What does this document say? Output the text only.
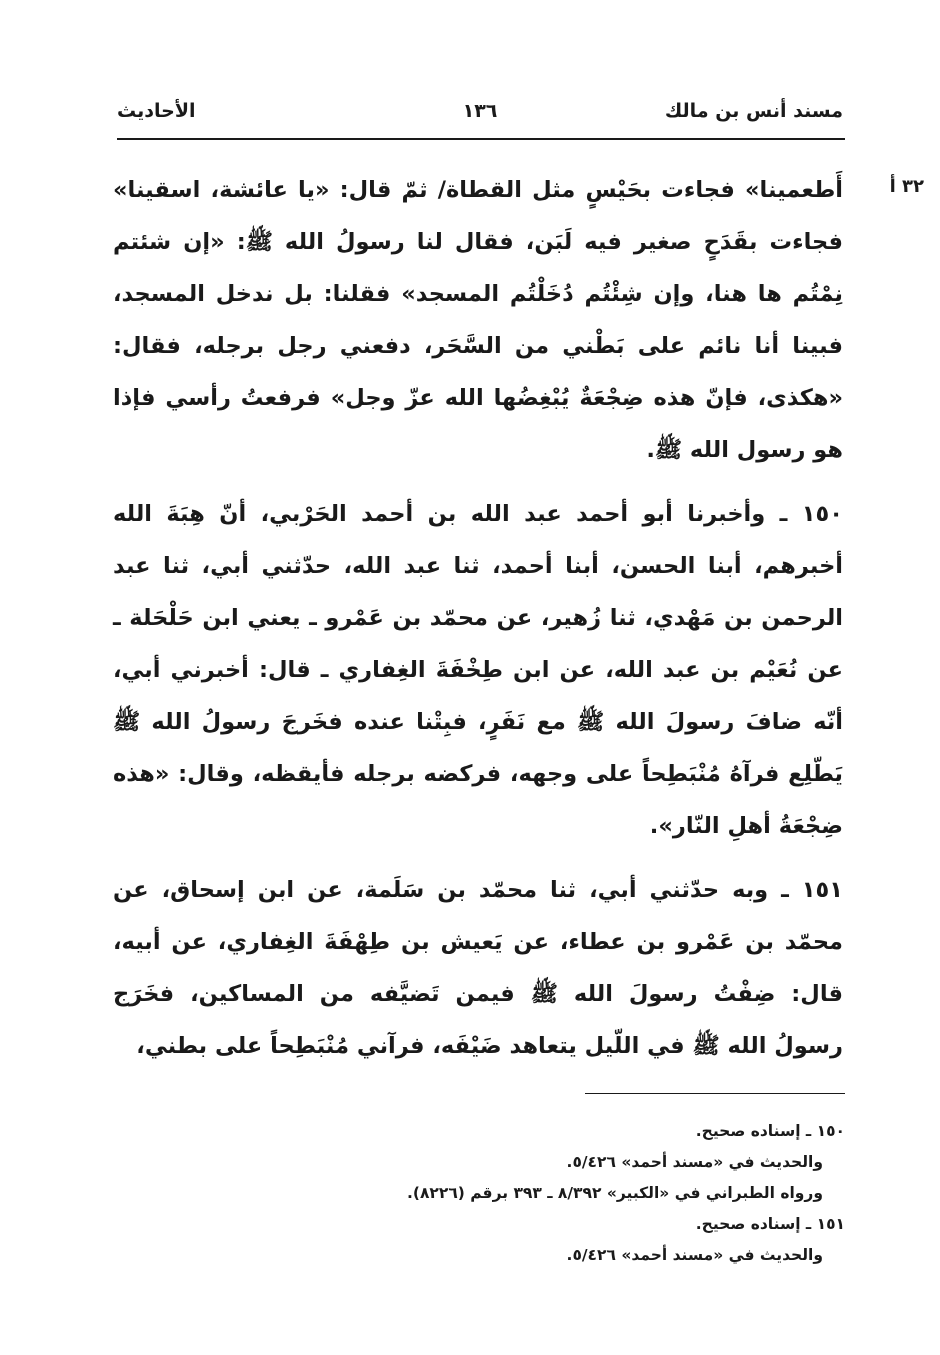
مسند أنس بن مالك
١٣٦
الأحاديث
٣٢ أ

أَطعمينا» فجاءت بحَيْسٍ مثل القطاة/ ثمّ قال: «يا عائشة، اسقينا» فجاءت بقَدَحٍ صغير فيه لَبَن، فقال لنا رسولُ الله ﷺ: «إن شئتم نِمْتُم ها هنا، وإن شِئْتُم دُخَلْتُم المسجد» فقلنا: بل ندخل المسجد، فبينا أنا نائم على بَطْني من السَّحَر، دفعني رجل برجله، فقال: «هكذى، فإنّ هذه ضِجْعَةٌ يُبْغِضُها الله عزّ وجل» فرفعتُ رأسي فإذا هو رسول الله ﷺ.

١٥٠ ـ وأخبرنا أبو أحمد عبد الله بن أحمد الحَرْبي، أنّ هِبَةَ الله أخبرهم، أبنا الحسن، أبنا أحمد، ثنا عبد الله، حدّثني أبي، ثنا عبد الرحمن بن مَهْدي، ثنا زُهير، عن محمّد بن عَمْرو ـ يعني ابن حَلْحَلة ـ عن نُعَيْم بن عبد الله، عن ابن طِخْفَةَ الغِفاري ـ قال: أخبرني أبي، أنّه ضافَ رسولَ الله ﷺ مع نَفَرٍ، فبِتْنا عنده فخَرجَ رسولُ الله ﷺ يَطّلِع فرآهُ مُنْبَطِحاً على وجهه، فركضه برجله فأيقظه، وقال: «هذه ضِجْعَةُ أهلِ النّار».

١٥١ ـ وبه حدّثني أبي، ثنا محمّد بن سَلَمة، عن ابن إسحاق، عن محمّد بن عَمْرو بن عطاء، عن يَعيش بن طِهْفَةَ الغِفاري، عن أبيه، قال: ضِفْتُ رسولَ الله ﷺ فيمن تَضيَّفه من المساكين، فخَرَج رسولُ الله ﷺ في اللّيل يتعاهد ضَيْفَه، فرآني مُنْبَطِحاً على بطني،

١٥٠ ـ إسناده صحيح.
والحديث في «مسند أحمد» ٥/٤٢٦.
ورواه الطبراني في «الكبير» ٨/٣٩٢ ـ ٣٩٣ برقم (٨٢٢٦).
١٥١ ـ إسناده صحيح.
والحديث في «مسند أحمد» ٥/٤٢٦.
